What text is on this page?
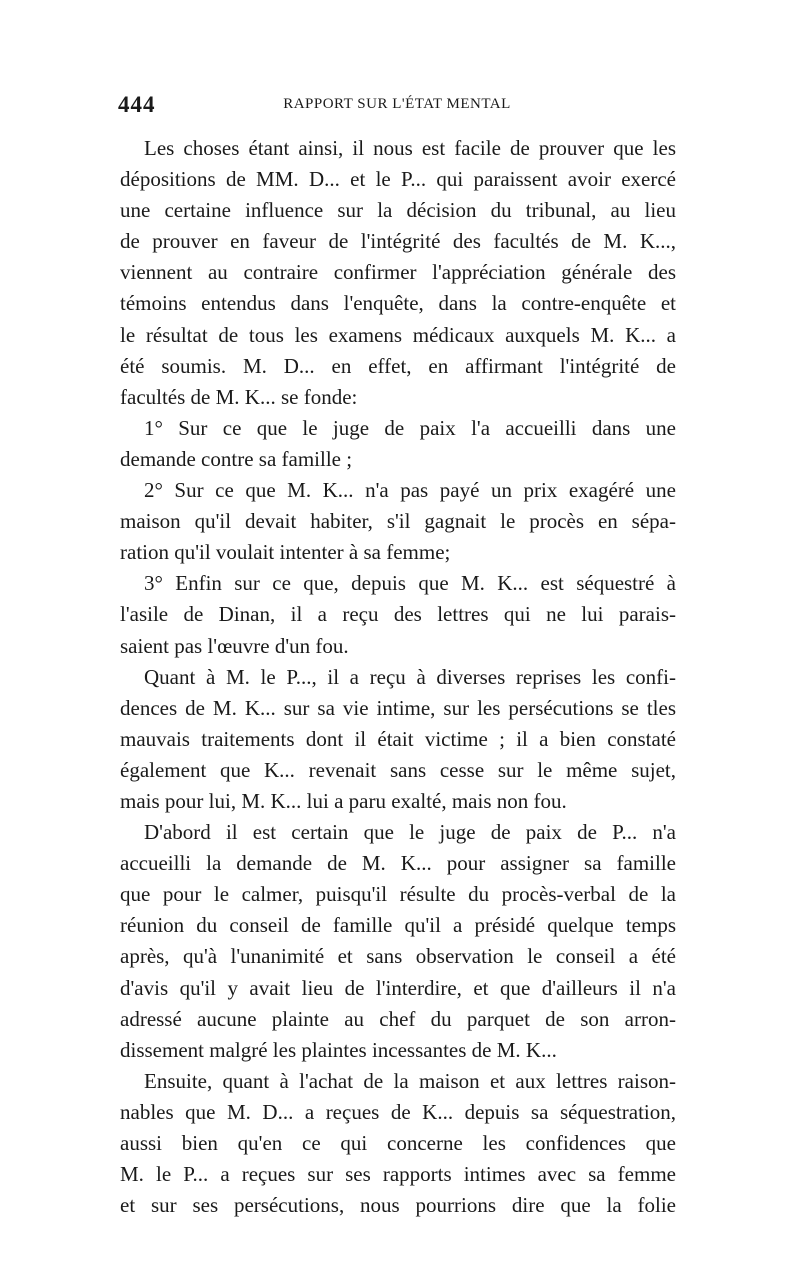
444	RAPPORT SUR L'ÉTAT MENTAL
Les choses étant ainsi, il nous est facile de prouver que les
dépositions de MM. D... et le P... qui paraissent avoir exercé
une certaine influence sur la décision du tribunal, au lieu
de prouver en faveur de l'intégrité des facultés de M. K...,
viennent au contraire confirmer l'appréciation générale des
témoins entendus dans l'enquête, dans la contre-enquête et
le résultat de tous les examens médicaux auxquels M. K... a
été soumis. M. D... en effet, en affirmant l'intégrité de
facultés de M. K... se fonde:
1° Sur ce que le juge de paix l'a accueilli dans une
demande contre sa famille ;
2° Sur ce que M. K... n'a pas payé un prix exagéré une
maison qu'il devait habiter, s'il gagnait le procès en sépa-
ration qu'il voulait intenter à sa femme;
3° Enfin sur ce que, depuis que M. K... est séquestré à
l'asile de Dinan, il a reçu des lettres qui ne lui parais-
saient pas l'œuvre d'un fou.
Quant à M. le P..., il a reçu à diverses reprises les confi-
dences de M. K... sur sa vie intime, sur les persécutions se tles
mauvais traitements dont il était victime ; il a bien constaté
également que K... revenait sans cesse sur le même sujet,
mais pour lui, M. K... lui a paru exalté, mais non fou.
D'abord il est certain que le juge de paix de P... n'a
accueilli la demande de M. K... pour assigner sa famille
que pour le calmer, puisqu'il résulte du procès-verbal de la
réunion du conseil de famille qu'il a présidé quelque temps
après, qu'à l'unanimité et sans observation le conseil a été
d'avis qu'il y avait lieu de l'interdire, et que d'ailleurs il n'a
adressé aucune plainte au chef du parquet de son arron-
dissement malgré les plaintes incessantes de M. K...
Ensuite, quant à l'achat de la maison et aux lettres raison-
nables que M. D... a reçues de K... depuis sa séquestration,
aussi bien qu'en ce qui concerne les confidences que
M. le P... a reçues sur ses rapports intimes avec sa femme
et sur ses persécutions, nous pourrions dire que la folie
